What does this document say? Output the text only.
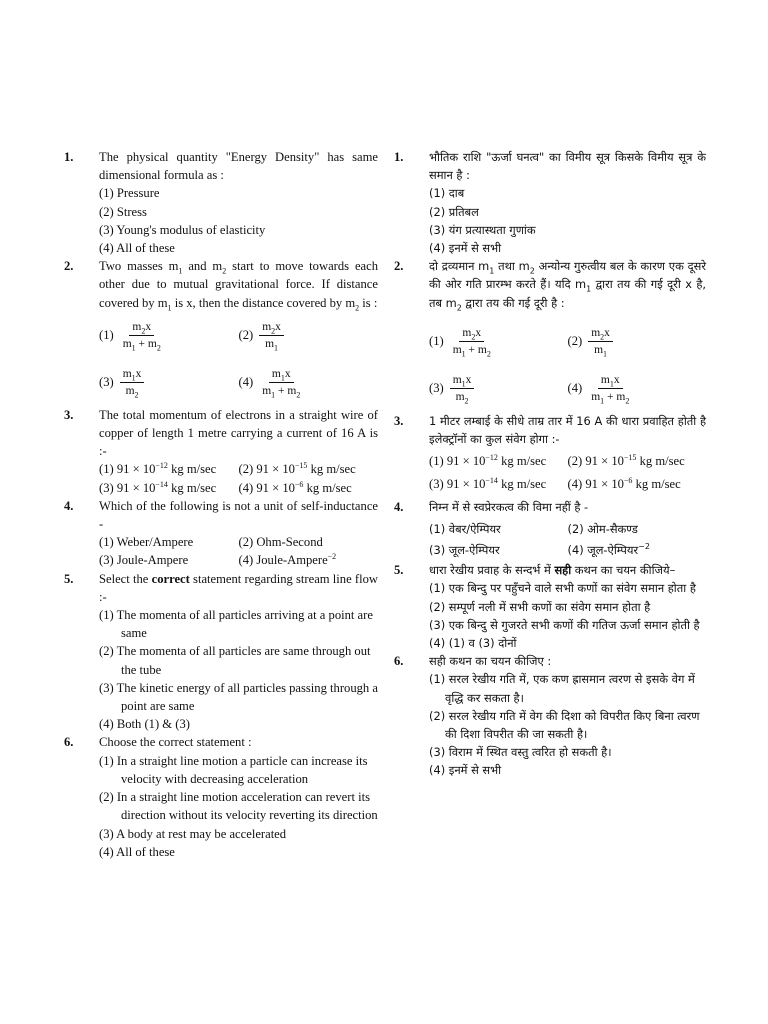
1. The physical quantity "Energy Density" has same dimensional formula as :
(1) Pressure
(2) Stress
(3) Young's modulus of elasticity
(4) All of these
2. Two masses $m_1$ and $m_2$ start to move towards each other due to mutual gravitational force. If distance covered by $m_1$ is x, then the distance covered by $m_2$ is :
$(1) \frac{m_2x}{m_1 + m_2}$	$(2) \frac{m_2x}{m_1}$
$(3) \frac{m_1x}{m_2}$	$(4) \frac{m_1x}{m_1 + m_2}$
3. The total momentum of electrons in a straight wire of copper of length 1 metre carrying a current of 16 A is :-
(1) $91 \times 10^{-12}$ kg m/sec	(2) $91 \times 10^{-15}$ kg m/sec
(3) $91 \times 10^{-14}$ kg m/sec	(4) $91 \times 10^{-6}$ kg m/sec
4. Which of the following is not a unit of self-inductance -
(1) Weber/Ampere	(2) Ohm-Second
(3) Joule-Ampere	(4) Joule-Ampere$^{-2}$
5. Select the correct statement regarding stream line flow :-
(1) The momenta of all particles arriving at a point are same
(2) The momenta of all particles are same through out the tube
(3) The kinetic energy of all particles passing through a point are same
(4) Both (1) & (3)
6. Choose the correct statement :
(1) In a straight line motion a particle can increase its velocity with decreasing acceleration
(2) In a straight line motion acceleration can revert its direction without its velocity reverting its direction
(3) A body at rest may be accelerated
(4) All of these
1. भौतिक राशि "ऊर्जा घनत्व" का विमीय सूत्र किसके विमीय सूत्र के समान है :
(1) दाब
(2) प्रतिबल
(3) यंग प्रत्यास्थता गुणांक
(4) इनमें से सभी
2. दो द्रव्यमान $m_1$ तथा $m_2$ अन्योन्य गुरुत्वीय बल के कारण एक दूसरे की ओर गति प्रारम्भ करते हैं। यदि $m_1$ द्वारा तय की गई दूरी x है, तब $m_2$ द्वारा तय की गई दूरी है :
$(1) \frac{m_2x}{m_1 + m_2}$	$(2) \frac{m_2x}{m_1}$
$(3) \frac{m_1x}{m_2}$	$(4) \frac{m_1x}{m_1 + m_2}$
3. 1 मीटर लम्बाई के सीधे ताम्र तार में 16 A की धारा प्रवाहित होती है इलेक्ट्रॉनों का कुल संवेग होगा :-
(1) $91 \times 10^{-12}$ kg m/sec	(2) $91 \times 10^{-15}$ kg m/sec
(3) $91 \times 10^{-14}$ kg m/sec	(4) $91 \times 10^{-6}$ kg m/sec
4. निम्न में से स्वप्रेरकत्व की विमा नहीं है -
(1) वेबर/ऐम्पियर	(2) ओम-सैकण्ड
(3) जूल-ऐम्पियर	(4) जूल-ऐम्पियर$^{-2}$
5. धारा रेखीय प्रवाह के सन्दर्भ में सही कथन का चयन कीजिये–
(1) एक बिन्दु पर पहुँचने वाले सभी कणों का संवेग समान होता है
(2) सम्पूर्ण नली में सभी कणों का संवेग समान होता है
(3) एक बिन्दु से गुजरते सभी कणों की गतिज ऊर्जा समान होती है
(4) (1) व (3) दोनों
6. सही कथन का चयन कीजिए :
(1) सरल रेखीय गति में, एक कण ह्रासमान त्वरण से इसके वेग में वृद्धि कर सकता है।
(2) सरल रेखीय गति में वेग की दिशा को विपरीत किए बिना त्वरण की दिशा विपरीत की जा सकती है।
(3) विराम में स्थित वस्तु त्वरित हो सकती है।
(4) इनमें से सभी
